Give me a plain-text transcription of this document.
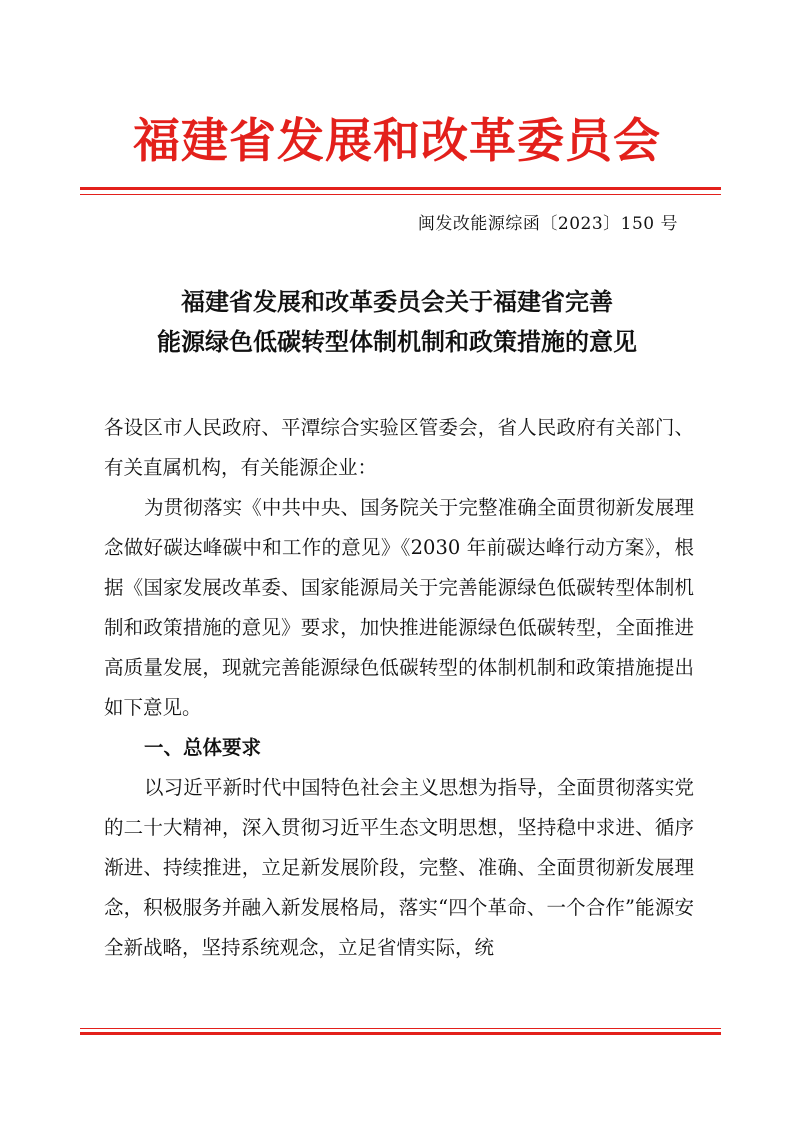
福建省发展和改革委员会
闽发改能源综函〔2023〕150 号
福建省发展和改革委员会关于福建省完善
能源绿色低碳转型体制机制和政策措施的意见

各设区市人民政府、平潭综合实验区管委会，省人民政府有关部门、有关直属机构，有关能源企业：

为贯彻落实《中共中央、国务院关于完整准确全面贯彻新发展理念做好碳达峰碳中和工作的意见》《2030 年前碳达峰行动方案》，根据《国家发展改革委、国家能源局关于完善能源绿色低碳转型体制机制和政策措施的意见》要求，加快推进能源绿色低碳转型，全面推进高质量发展，现就完善能源绿色低碳转型的体制机制和政策措施提出如下意见。

一、总体要求

以习近平新时代中国特色社会主义思想为指导，全面贯彻落实党的二十大精神，深入贯彻习近平生态文明思想，坚持稳中求进、循序渐进、持续推进，立足新发展阶段，完整、准确、全面贯彻新发展理念，积极服务并融入新发展格局，落实“四个革命、一个合作”能源安全新战略，坚持系统观念，立足省情实际，统
